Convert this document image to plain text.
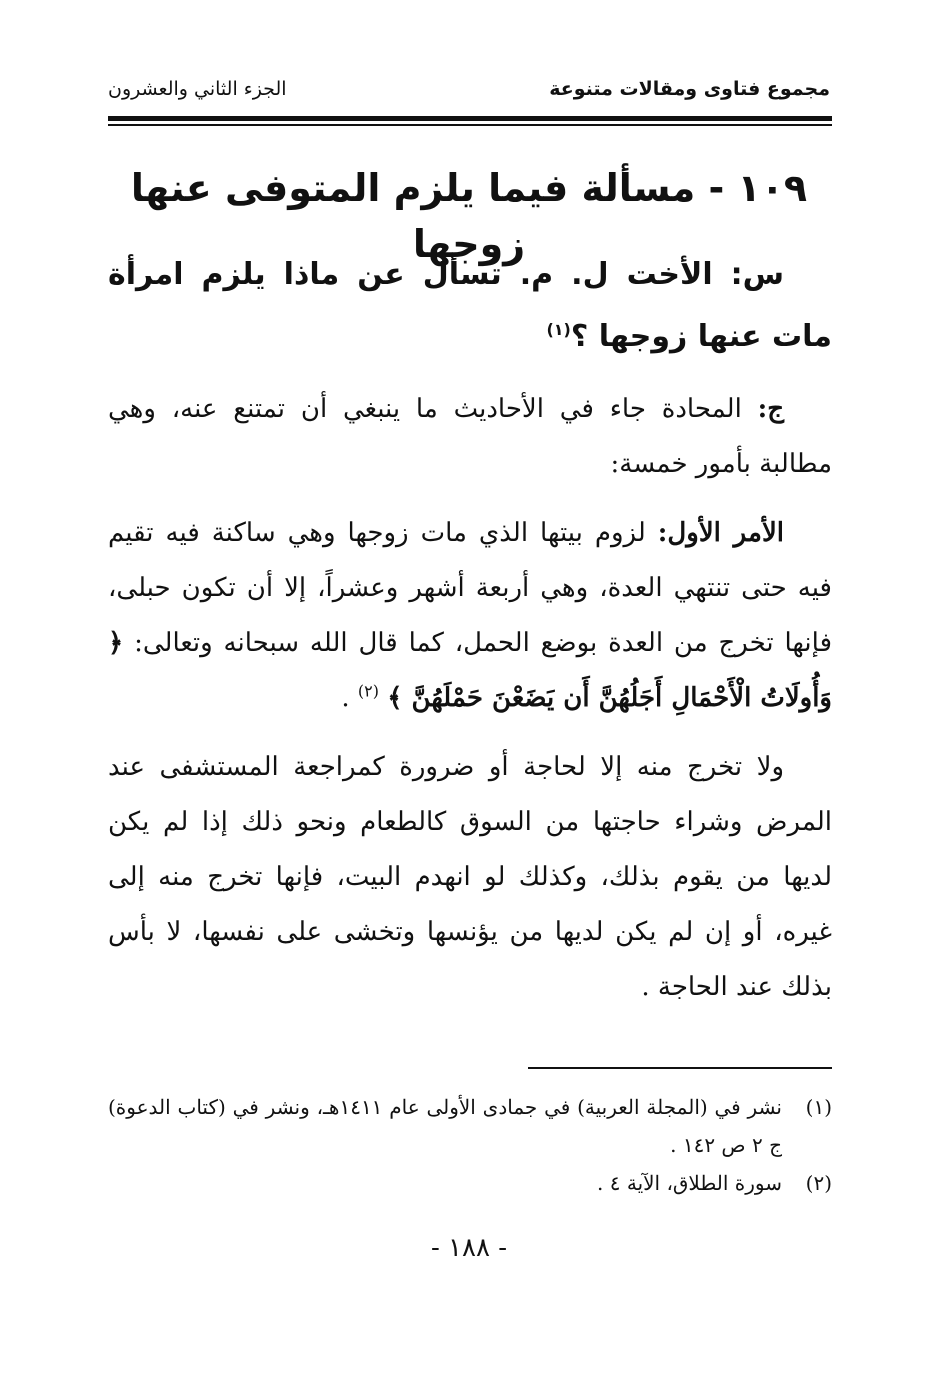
مجموع فتاوى ومقالات متنوعة
الجزء الثاني والعشرون
١٠٩ - مسألة فيما يلزم المتوفى عنها زوجها

س: الأخت ل. م. تسأل عن ماذا يلزم امرأة مات عنها زوجها ؟$^{(١)}$

ج: المحادة جاء في الأحاديث ما ينبغي أن تمتنع عنه، وهي مطالبة بأمور خمسة:

الأمر الأول: لزوم بيتها الذي مات زوجها وهي ساكنة فيه تقيم فيه حتى تنتهي العدة، وهي أربعة أشهر وعشراً، إلا أن تكون حبلى، فإنها تخرج من العدة بوضع الحمل، كما قال الله سبحانه وتعالى: ﴿ وَأُولَاتُ الْأَحْمَالِ أَجَلُهُنَّ أَن يَضَعْنَ حَمْلَهُنَّ ﴾ $^{(٢)}$ .

ولا تخرج منه إلا لحاجة أو ضرورة كمراجعة المستشفى عند المرض وشراء حاجتها من السوق كالطعام ونحو ذلك إذا لم يكن لديها من يقوم بذلك، وكذلك لو انهدم البيت، فإنها تخرج منه إلى غيره، أو إن لم يكن لديها من يؤنسها وتخشى على نفسها، لا بأس بذلك عند الحاجة .

(١)
نشر في (المجلة العربية) في جمادى الأولى عام ١٤١١هـ، ونشر في (كتاب الدعوة) ج ٢ ص ١٤٢ .
(٢)
سورة الطلاق، الآية ٤ .
- ١٨٨ -
